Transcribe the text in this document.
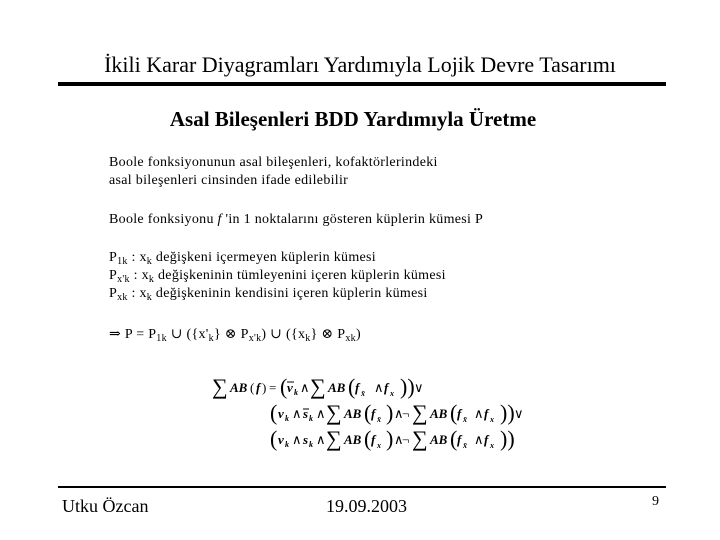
İkili Karar Diyagramları Yardımıyla Lojik Devre Tasarımı
Asal Bileşenleri BDD Yardımıyla Üretme
Boole fonksiyonunun asal bileşenleri, kofaktörlerindeki
asal bileşenleri cinsinden ifade edilebilir
Boole fonksiyonu f 'in 1 noktalarını gösteren küplerin kümesi P
$P_{1k}$ : $x_k$ değişkeni içermeyen küplerin kümesi
$P_{x'k}$ : $x_k$ değişkeninin tümleyenini içeren küplerin kümesi
$P_{xk}$ : $x_k$ değişkeninin kendisini içeren küplerin kümesi
⇒ $P = P_{1k}$ ∪ ($\{x'_k\}$ ⊗ $P_{x'k}$) ∪ ($\{x_k\}$ ⊗ $P_{xk}$)
∑ AB ( f ) = ( v k ∧ ∑ AB ( f x̄ ∧ f x )) ∨
( v k ∧ s k ∧ ∑ AB ( f x̄ ) ∧
¬ ∑ AB ( f x̄ ∧ f x )) ∨
( v k ∧ s k ∧ ∑ AB ( f x ) ∧
¬ ∑ AB ( f x̄ ∧ f x ))
Utku Özcan	19.09.2003	9
